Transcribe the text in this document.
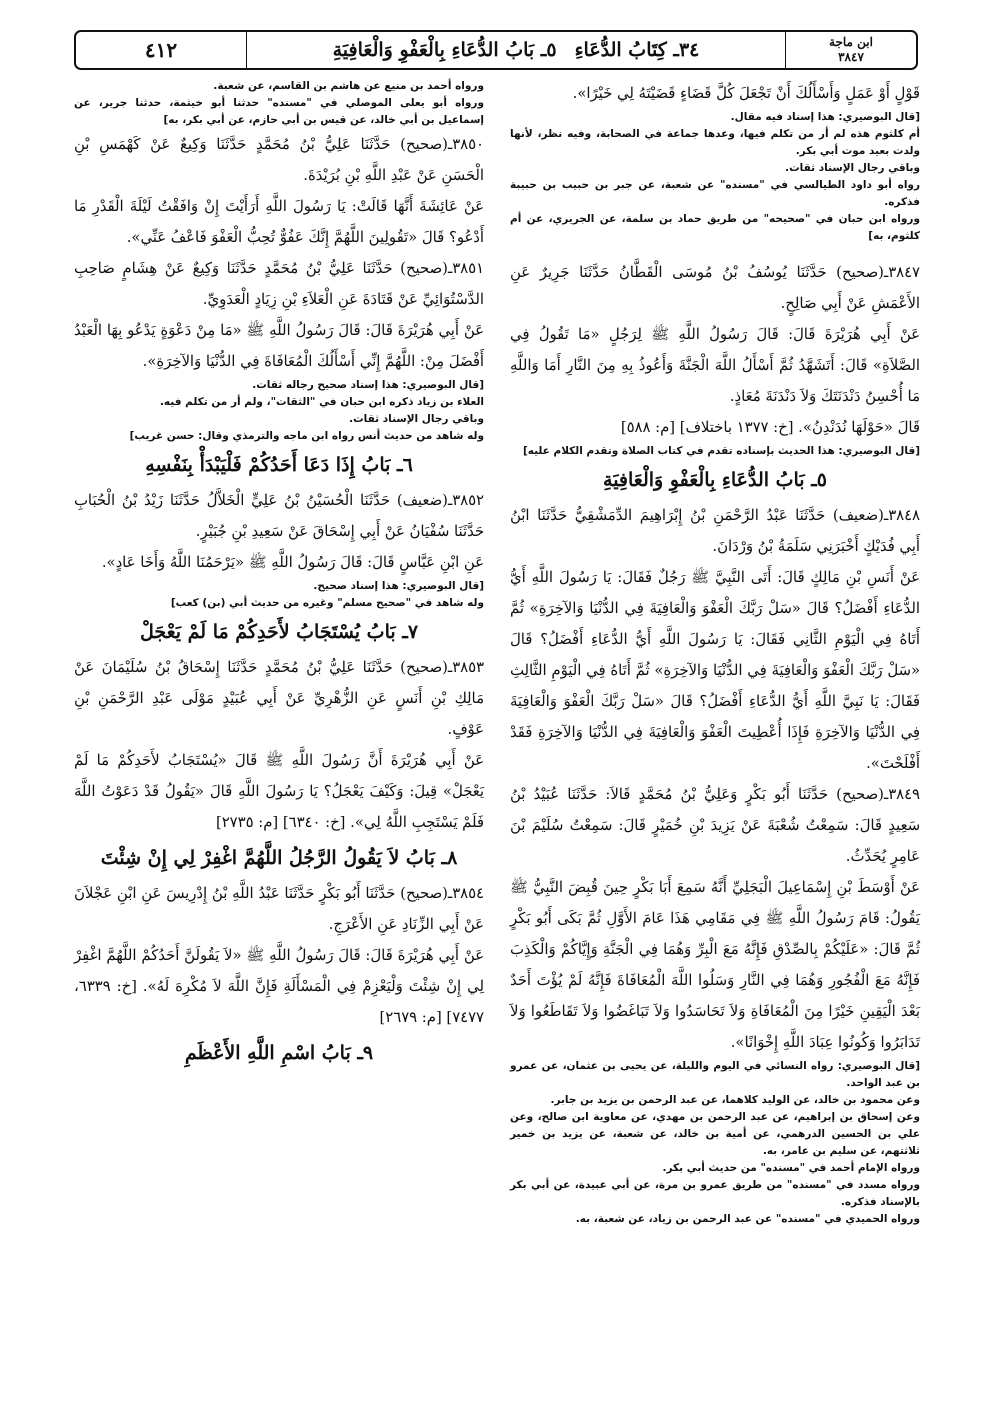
٤١٢	٣٤ـ كِتَابُ الدُّعَاءِ
٥ـ بَابُ الدُّعَاءِ بِالْعَفْوِ وَالْعَافِيَةِ	ابن ماجة
٣٨٤٧

قَوْلٍ أَوْ عَمَلٍ وَأَسْأَلُكَ أَنْ تَجْعَلَ كُلَّ قَضَاءٍ قَضَيْتَهُ لِي خَيْرًا».

[قال البوصيري: هذا إسناد فيه مقال.

أم كلثوم هذه لم أر من تكلم فيها، وعدها جماعة في الصحابة، وفيه نظر، لأنها ولدت بعيد موت أبي بكر.

وباقي رجال الإسناد ثقات.

رواه أبو داود الطيالسي في "مسنده" عن شعبة، عن جبر بن حبيب بن حبيبة فذكره.

ورواه ابن حبان في "صحيحه" من طريق حماد بن سلمة، عن الجريري، عن أم كلثوم، به]

٣٨٤٧ـ(صحيح) حَدَّثَنَا يُوسُفُ بْنُ مُوسَى الْقَطَّانُ حَدَّثَنَا جَرِيرٌ عَنِ الأَعْمَشِ عَنْ أَبِي صَالِحٍ.

عَنْ أَبِي هُرَيْرَةَ قَالَ: قَالَ رَسُولُ اللَّهِ ﷺ لِرَجُلٍ «مَا تَقُولُ فِي الصَّلاَةِ» قَالَ: أَتَشَهَّدُ ثُمَّ أَسْأَلُ اللَّهَ الْجَنَّةَ وَأَعُوذُ بِهِ مِنَ النَّارِ أَمَا وَاللَّهِ مَا أُحْسِنُ دَنْدَنَتَكَ وَلاَ دَنْدَنَةَ مُعَاذٍ.

قَالَ «حَوْلَهَا نُدَنْدِنُ». [خ: ١٣٧٧ باختلاف] [م: ٥٨٨]

[قال البوصيري: هذا الحديث بإسناده تقدم في كتاب الصلاة وتقدم الكلام عليه]

٥ـ بَابُ الدُّعَاءِ بِالْعَفْوِ وَالْعَافِيَةِ

٣٨٤٨ـ(ضعيف) حَدَّثَنَا عَبْدُ الرَّحْمَنِ بْنُ إِبْرَاهِيمَ الدِّمَشْقِيُّ حَدَّثَنَا ابْنُ أَبِي فُدَيْكٍ أَخْبَرَنِي سَلَمَةُ بْنُ وَرْدَانَ.

عَنْ أَنَسِ بْنِ مَالِكٍ قَالَ: أَتَى النَّبِيَّ ﷺ رَجُلٌ فَقَالَ: يَا رَسُولَ اللَّهِ أَيُّ الدُّعَاءِ أَفْضَلُ؟ قَالَ «سَلْ رَبَّكَ الْعَفْوَ وَالْعَافِيَةَ فِي الدُّنْيَا وَالآخِرَةِ» ثُمَّ أَتَاهُ فِي الْيَوْمِ الثَّانِي فَقَالَ: يَا رَسُولَ اللَّهِ أَيُّ الدُّعَاءِ أَفْضَلُ؟ قَالَ «سَلْ رَبَّكَ الْعَفْوَ وَالْعَافِيَةَ فِي الدُّنْيَا وَالآخِرَةِ» ثُمَّ أَتَاهُ فِي الْيَوْمِ الثَّالِثِ فَقَالَ: يَا نَبِيَّ اللَّهِ أَيُّ الدُّعَاءِ أَفْضَلُ؟ قَالَ «سَلْ رَبَّكَ الْعَفْوَ وَالْعَافِيَةَ فِي الدُّنْيَا وَالآخِرَةِ فَإِذَا أُعْطِيتَ الْعَفْوَ وَالْعَافِيَةَ فِي الدُّنْيَا وَالآخِرَةِ فَقَدْ أَفْلَحْتَ».

٣٨٤٩ـ(صحيح) حَدَّثَنَا أَبُو بَكْرٍ وَعَلِيُّ بْنُ مُحَمَّدٍ قَالاَ: حَدَّثَنَا عُبَيْدُ بْنُ سَعِيدٍ قَالَ: سَمِعْتُ شُعْبَةَ عَنْ يَزِيدَ بْنِ خُمَيْرٍ قَالَ: سَمِعْتُ سُلَيْمَ بْنَ عَامِرٍ يُحَدِّثُ.

عَنْ أَوْسَطَ بْنِ إِسْمَاعِيلَ الْبَجَلِيِّ أَنَّهُ سَمِعَ أَبَا بَكْرٍ حِينَ قُبِضَ النَّبِيُّ ﷺ يَقُولُ: قَامَ رَسُولُ اللَّهِ ﷺ فِي مَقَامِي هَذَا عَامَ الأَوَّلِ ثُمَّ بَكَى أَبُو بَكْرٍ ثُمَّ قَالَ: «عَلَيْكُمْ بِالصِّدْقِ فَإِنَّهُ مَعَ الْبِرِّ وَهُمَا فِي الْجَنَّةِ وَإِيَّاكُمْ وَالْكَذِبَ فَإِنَّهُ مَعَ الْفُجُورِ وَهُمَا فِي النَّارِ وَسَلُوا اللَّهَ الْمُعَافَاةَ فَإِنَّهُ لَمْ يُؤْتَ أَحَدٌ بَعْدَ الْيَقِينِ خَيْرًا مِنَ الْمُعَافَاةِ وَلاَ تَحَاسَدُوا وَلاَ تَبَاغَضُوا وَلاَ تَقَاطَعُوا وَلاَ تَدَابَرُوا وَكُونُوا عِبَادَ اللَّهِ إِخْوَانًا».

[قال البوصيري: رواه النسائي في اليوم والليلة، عن يحيى بن عثمان، عن عمرو بن عبد الواحد.

وعن محمود بن خالد، عن الوليد كلاهما، عن عبد الرحمن بن يزيد بن جابر.

وعن إسحاق بن إبراهيم، عن عبد الرحمن بن مهدي، عن معاوية ابن صالح، وعن علي بن الحسين الدرهمي، عن أمية بن خالد، عن شعبة، عن يزيد بن خمير ثلاثتهم، عن سليم بن عامر، به.

ورواه الإمام أحمد في "مسنده" من حديث أبي بكر.

ورواه مسدد في "مسنده" من طريق عمرو بن مرة، عن أبي عبيدة، عن أبي بكر بالإسناد فذكره.

ورواه الحميدي في "مسنده" عن عبد الرحمن بن زياد، عن شعبة، به.

ورواه أحمد بن منيع عن هاشم بن القاسم، عن شعبة.

ورواه أبو يعلى الموصلي في "مسنده" حدثنا أبو خيثمة، حدثنا جرير، عن إسماعيل بن أبي خالد، عن قيس بن أبي حازم، عن أبي بكر، به]

٣٨٥٠ـ(صحيح) حَدَّثَنَا عَلِيُّ بْنُ مُحَمَّدٍ حَدَّثَنَا وَكِيعٌ عَنْ كَهْمَسِ بْنِ الْحَسَنِ عَنْ عَبْدِ اللَّهِ بْنِ بُرَيْدَةَ.

عَنْ عَائِشَةَ أَنَّهَا قَالَتْ: يَا رَسُولَ اللَّهِ أَرَأَيْتَ إِنْ وَافَقْتُ لَيْلَةَ الْقَدْرِ مَا أَدْعُو؟ قَالَ «تَقُولِينَ اللَّهُمَّ إِنَّكَ عَفُوٌّ تُحِبُّ الْعَفْوَ فَاعْفُ عَنِّي».

٣٨٥١ـ(صحيح) حَدَّثَنَا عَلِيُّ بْنُ مُحَمَّدٍ حَدَّثَنَا وَكِيعٌ عَنْ هِشَامٍ صَاحِبِ الدَّسْتُوَائِيِّ عَنْ قَتَادَةَ عَنِ الْعَلاَءِ بْنِ زِيَادٍ الْعَدَوِيِّ.

عَنْ أَبِي هُرَيْرَةَ قَالَ: قَالَ رَسُولُ اللَّهِ ﷺ «مَا مِنْ دَعْوَةٍ يَدْعُو بِهَا الْعَبْدُ أَفْضَلَ مِنْ: اللَّهُمَّ إِنِّي أَسْأَلُكَ الْمُعَافَاةَ فِي الدُّنْيَا وَالآخِرَةِ».

[قال البوصيري: هذا إسناد صحيح رجاله ثقات.

العلاء بن زياد ذكره ابن حبان في "الثقات"، ولم أر من تكلم فيه.

وباقي رجال الإسناد ثقات.

وله شاهد من حديث أنس رواه ابن ماجه والترمذي وقال: حسن غريب]

٦ـ بَابُ إِذَا دَعَا أَحَدُكُمْ فَلْيَبْدَأْ بِنَفْسِهِ

٣٨٥٢ـ(ضعيف) حَدَّثَنَا الْحُسَيْنُ بْنُ عَلِيٍّ الْخَلاَّلُ حَدَّثَنَا زَيْدُ بْنُ الْحُبَابِ حَدَّثَنَا سُفْيَانُ عَنْ أَبِي إِسْحَاقَ عَنْ سَعِيدِ بْنِ جُبَيْرٍ.

عَنِ ابْنِ عَبَّاسٍ قَالَ: قَالَ رَسُولُ اللَّهِ ﷺ «يَرْحَمُنَا اللَّهُ وَأَخَا عَادٍ».

[قال البوصيري: هذا إسناد صحيح.

وله شاهد في "صحيح مسلم" وغيره من حديث أبي (بن) كعب]

٧ـ بَابُ يُسْتَجَابُ لأَحَدِكُمْ مَا لَمْ يَعْجَلْ

٣٨٥٣ـ(صحيح) حَدَّثَنَا عَلِيُّ بْنُ مُحَمَّدٍ حَدَّثَنَا إِسْحَاقُ بْنُ سُلَيْمَانَ عَنْ مَالِكِ بْنِ أَنَسٍ عَنِ الزُّهْرِيِّ عَنْ أَبِي عُبَيْدٍ مَوْلَى عَبْدِ الرَّحْمَنِ بْنِ عَوْفٍ.

عَنْ أَبِي هُرَيْرَةَ أَنَّ رَسُولَ اللَّهِ ﷺ قَالَ «يُسْتَجَابُ لأَحَدِكُمْ مَا لَمْ يَعْجَلْ» قِيلَ: وَكَيْفَ يَعْجَلُ؟ يَا رَسُولَ اللَّهِ قَالَ «يَقُولُ قَدْ دَعَوْتُ اللَّهَ فَلَمْ يَسْتَجِبِ اللَّهُ لِي». [خ: ٦٣٤٠] [م: ٢٧٣٥]

٨ـ بَابُ لاَ يَقُولُ الرَّجُلُ اللَّهُمَّ اغْفِرْ لِي إِنْ شِئْتَ

٣٨٥٤ـ(صحيح) حَدَّثَنَا أَبُو بَكْرٍ حَدَّثَنَا عَبْدُ اللَّهِ بْنُ إِدْرِيسَ عَنِ ابْنِ عَجْلاَنَ عَنْ أَبِي الزِّنَادِ عَنِ الأَعْرَجِ.

عَنْ أَبِي هُرَيْرَةَ قَالَ: قَالَ رَسُولُ اللَّهِ ﷺ «لاَ يَقُولَنَّ أَحَدُكُمْ اللَّهُمَّ اغْفِرْ لِي إِنْ شِئْتَ وَلْيَعْزِمْ فِي الْمَسْأَلَةِ فَإِنَّ اللَّهَ لاَ مُكْرِهَ لَهُ». [خ: ٦٣٣٩، ٧٤٧٧] [م: ٢٦٧٩]

٩ـ بَابُ اسْمِ اللَّهِ الأَعْظَمِ
